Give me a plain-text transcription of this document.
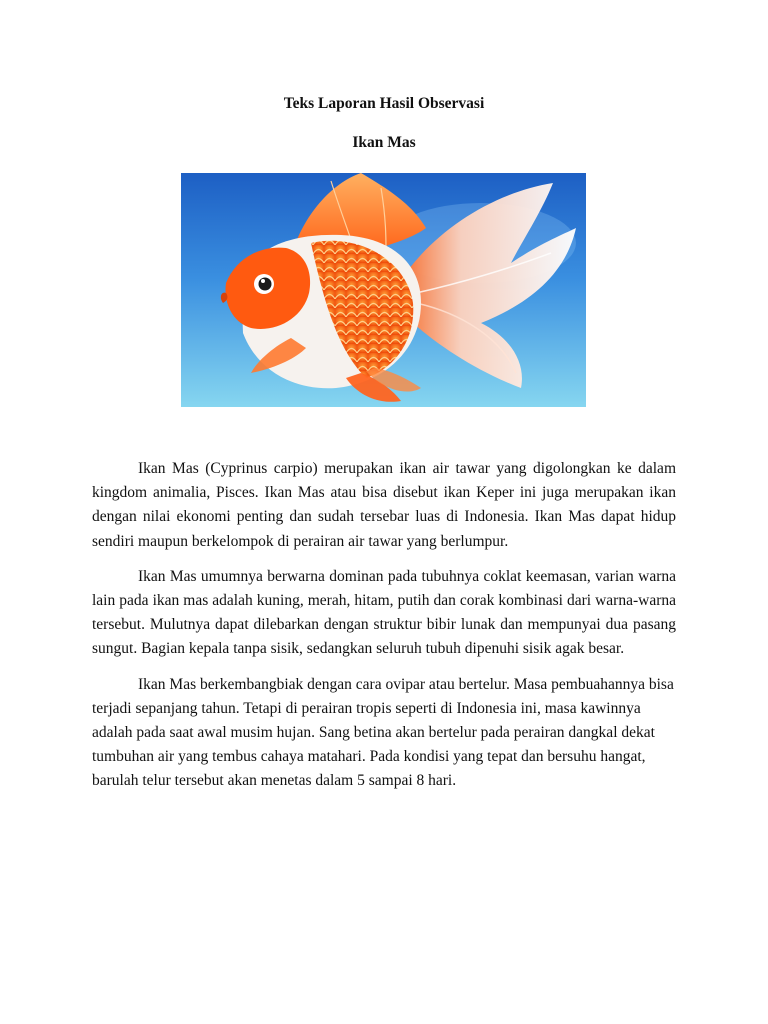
Teks Laporan Hasil Observasi

Ikan Mas

Ikan Mas (Cyprinus carpio) merupakan ikan air tawar yang digolongkan ke dalam kingdom animalia, Pisces. Ikan Mas atau bisa disebut ikan Keper ini juga merupakan ikan dengan nilai ekonomi penting dan sudah tersebar luas di Indonesia. Ikan Mas dapat hidup sendiri maupun berkelompok di perairan air tawar yang berlumpur.

Ikan Mas umumnya berwarna dominan pada tubuhnya coklat keemasan, varian warna lain pada ikan mas adalah kuning, merah, hitam, putih dan corak kombinasi dari warna-warna tersebut. Mulutnya dapat dilebarkan dengan struktur bibir lunak dan mempunyai dua pasang sungut. Bagian kepala tanpa sisik, sedangkan seluruh tubuh dipenuhi sisik agak besar.

Ikan Mas berkembangbiak dengan cara ovipar atau bertelur. Masa pembuahannya bisa terjadi sepanjang tahun. Tetapi di perairan tropis seperti di Indonesia ini, masa kawinnya adalah pada saat awal musim hujan. Sang betina akan bertelur pada perairan dangkal dekat tumbuhan air yang tembus cahaya matahari. Pada kondisi yang tepat dan bersuhu hangat, barulah telur tersebut akan menetas dalam 5 sampai 8 hari.
